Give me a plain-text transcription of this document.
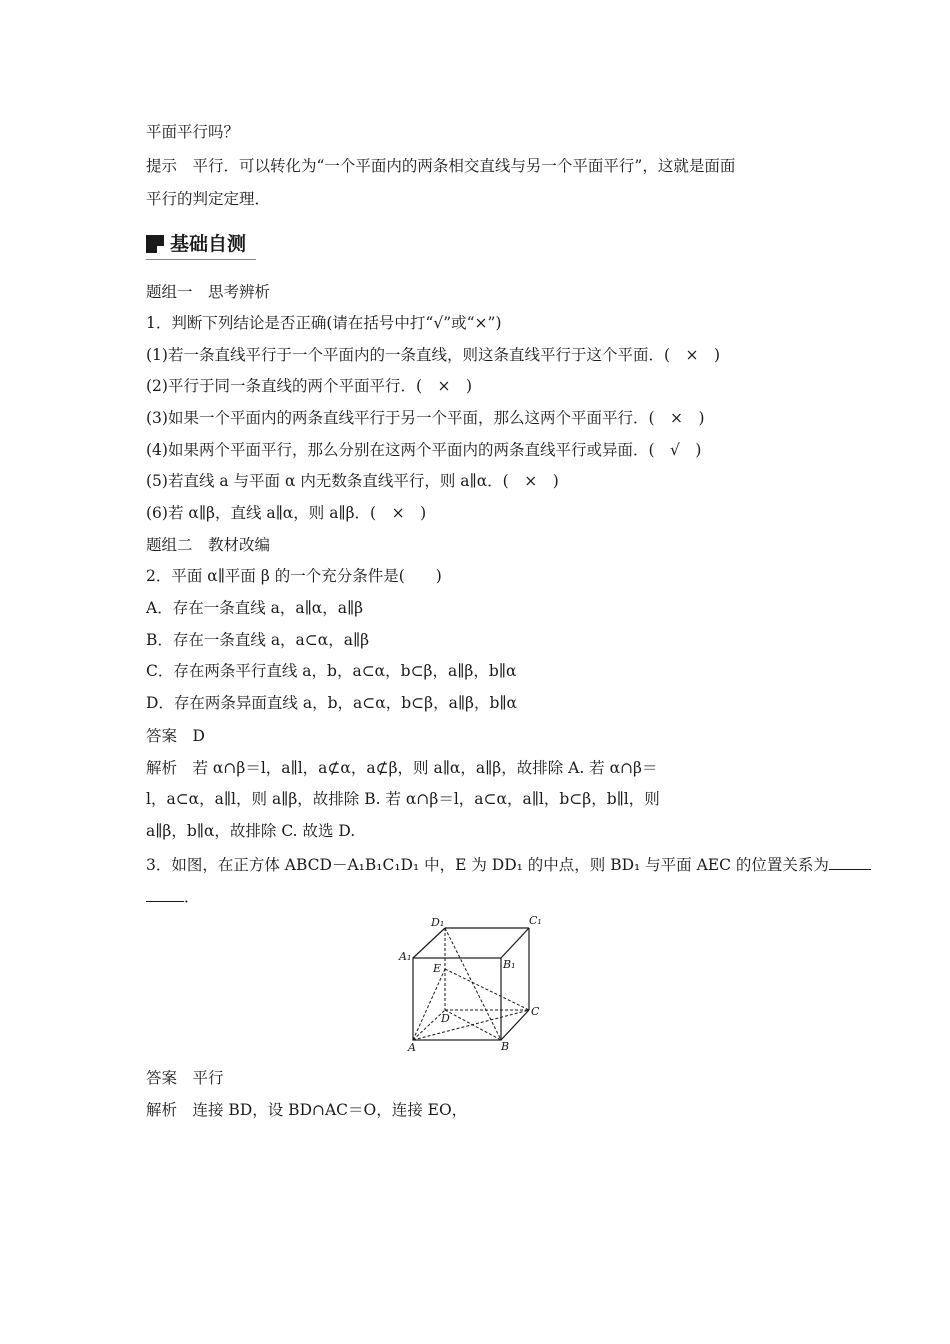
平面平行吗？
提示　平行．可以转化为“一个平面内的两条相交直线与另一个平面平行”，这就是面面
平行的判定定理．
基础自测
题组一　思考辨析
1．判断下列结论是否正确(请在括号中打“√”或“×”)
(1)若一条直线平行于一个平面内的一条直线，则这条直线平行于这个平面．(　×　)
(2)平行于同一条直线的两个平面平行．(　×　)
(3)如果一个平面内的两条直线平行于另一个平面，那么这两个平面平行．(　×　)
(4)如果两个平面平行，那么分别在这两个平面内的两条直线平行或异面．(　√　)
(5)若直线 a 与平面 α 内无数条直线平行，则 a∥α．(　×　)
(6)若 α∥β，直线 a∥α，则 a∥β．(　×　)
题组二　教材改编
2．平面 α∥平面 β 的一个充分条件是(　　)
A．存在一条直线 a，a∥α，a∥β
B．存在一条直线 a，a⊂α，a∥β
C．存在两条平行直线 a，b，a⊂α，b⊂β，a∥β，b∥α
D．存在两条异面直线 a，b，a⊂α，b⊂β，a∥β，b∥α
答案　D
解析　若 α∩β＝l，a∥l，a⊄α，a⊄β，则 a∥α，a∥β，故排除 A. 若 α∩β＝
l，a⊂α，a∥l，则 a∥β，故排除 B. 若 α∩β＝l，a⊂α，a∥l，b⊂β，b∥l，则
a∥β，b∥α，故排除 C. 故选 D.
3．如图，在正方体 ABCD－A₁B₁C₁D₁ 中，E 为 DD₁ 的中点，则 BD₁ 与平面 AEC 的位置关系为
．
D₁	C₁
A₁
B₁
E
D
C
A	B
答案　平行
解析　连接 BD，设 BD∩AC＝O，连接 EO，
